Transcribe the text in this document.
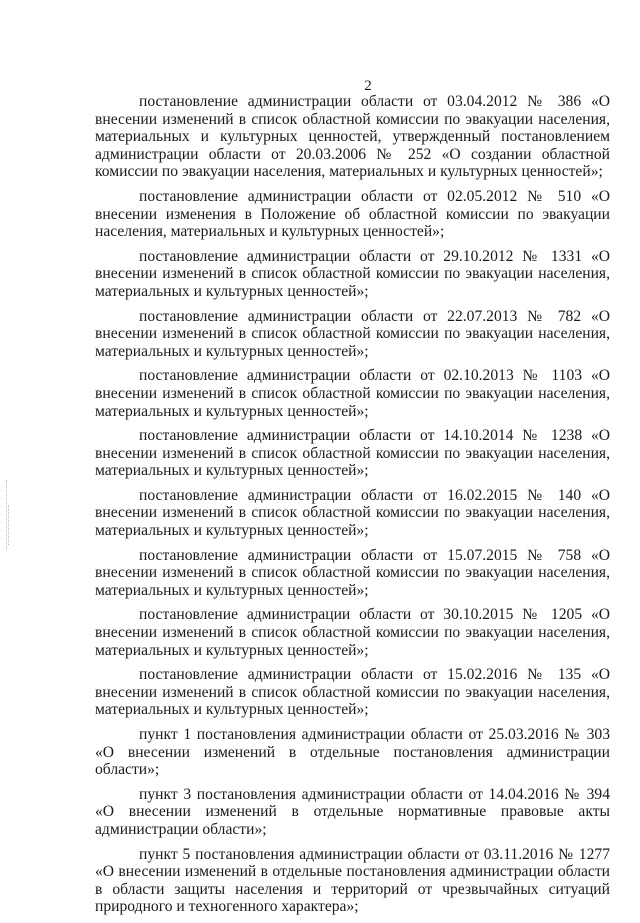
2

постановление администрации области от 03.04.2012 № 386 «О внесении изменений в список областной комиссии по эвакуации населения, материальных и культурных ценностей, утвержденный постановлением администрации области от 20.03.2006 № 252 «О создании областной комиссии по эвакуации населения, материальных и культурных ценностей»;

постановление администрации области от 02.05.2012 № 510 «О внесении изменения в Положение об областной комиссии по эвакуации населения, материальных и культурных ценностей»;

постановление администрации области от 29.10.2012 № 1331 «О внесении изменений в список областной комиссии по эвакуации населения, материальных и культурных ценностей»;

постановление администрации области от 22.07.2013 № 782 «О внесении изменений в список областной комиссии по эвакуации населения, материальных и культурных ценностей»;

постановление администрации области от 02.10.2013 № 1103 «О внесении изменений в список областной комиссии по эвакуации населения, материальных и культурных ценностей»;

постановление администрации области от 14.10.2014 № 1238 «О внесении изменений в список областной комиссии по эвакуации населения, материальных и культурных ценностей»;

постановление администрации области от 16.02.2015 № 140 «О внесении изменений в список областной комиссии по эвакуации населения, материальных и культурных ценностей»;

постановление администрации области от 15.07.2015 № 758 «О внесении изменений в список областной комиссии по эвакуации населения, материальных и культурных ценностей»;

постановление администрации области от 30.10.2015 № 1205 «О внесении изменений в список областной комиссии по эвакуации населения, материальных и культурных ценностей»;

постановление администрации области от 15.02.2016 № 135 «О внесении изменений в список областной комиссии по эвакуации населения, материальных и культурных ценностей»;

пункт 1 постановления администрации области от 25.03.2016 № 303 «О внесении изменений в отдельные постановления администрации области»;

пункт 3 постановления администрации области от 14.04.2016 № 394 «О внесении изменений в отдельные нормативные правовые акты администрации области»;

пункт 5 постановления администрации области от 03.11.2016 № 1277 «О внесении изменений в отдельные постановления администрации области в области защиты населения и территорий от чрезвычайных ситуаций природного и техногенного характера»;
